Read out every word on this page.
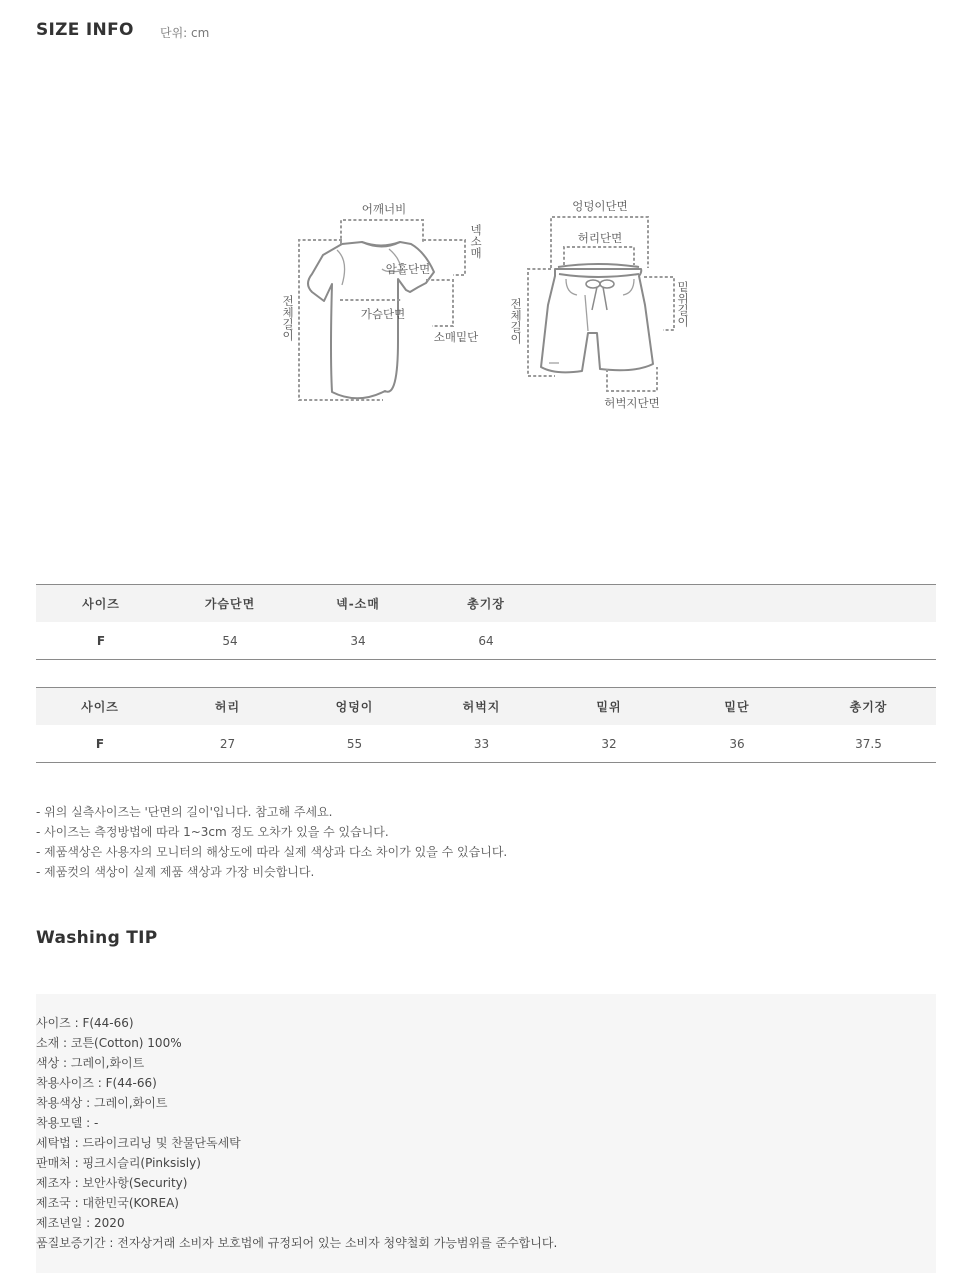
SIZE INFO 단위: cm
어깨너비
암홀단면
가슴단면
넥소매
소매밑단
전체길이
엉덩이단면
허리단면
밑위길이
전체길이
허벅지단면
사이즈	가슴단면	넥-소매	총기장			
F	54	34	64			
사이즈	허리	엉덩이	허벅지	밑위	밑단	총기장
F	27	55	33	32	36	37.5
- 위의 실측사이즈는 '단면의 길이'입니다. 참고해 주세요.
- 사이즈는 측정방법에 따라 1~3cm 정도 오차가 있을 수 있습니다.
- 제품색상은 사용자의 모니터의 해상도에 따라 실제 색상과 다소 차이가 있을 수 있습니다.
- 제품컷의 색상이 실제 제품 색상과 가장 비슷합니다.
Washing TIP
사이즈 : F(44-66)
소재 : 코튼(Cotton) 100%
색상 : 그레이,화이트
착용사이즈 : F(44-66)
착용색상 : 그레이,화이트
착용모델 : -
세탁법 : 드라이크리닝 및 찬물단독세탁
판매처 : 핑크시슬리(Pinksisly)
제조자 : 보안사항(Security)
제조국 : 대한민국(KOREA)
제조년일 : 2020
품질보증기간 : 전자상거래 소비자 보호법에 규정되어 있는 소비자 청약철회 가능범위를 준수합니다.
